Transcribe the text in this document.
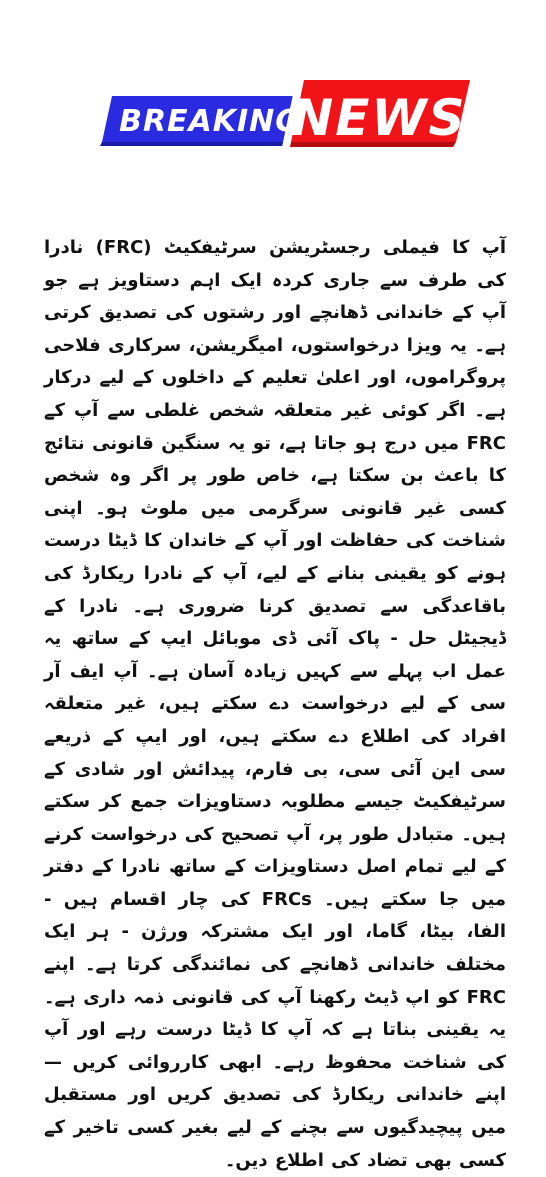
BREAKING
NEWS
آپ کا فیملی رجسٹریشن سرٹیفکیٹ (FRC) نادرا کی طرف سے جاری کردہ ایک اہم دستاویز ہے جو آپ کے خاندانی ڈھانچے اور رشتوں کی تصدیق کرتی ہے۔ یہ ویزا درخواستوں، امیگریشن، سرکاری فلاحی پروگراموں، اور اعلیٰ تعلیم کے داخلوں کے لیے درکار ہے۔ اگر کوئی غیر متعلقہ شخص غلطی سے آپ کے FRC میں درج ہو جاتا ہے، تو یہ سنگین قانونی نتائج کا باعث بن سکتا ہے، خاص طور پر اگر وہ شخص کسی غیر قانونی سرگرمی میں ملوث ہو۔ اپنی شناخت کی حفاظت اور آپ کے خاندان کا ڈیٹا درست ہونے کو یقینی بنانے کے لیے، آپ کے نادرا ریکارڈ کی باقاعدگی سے تصدیق کرنا ضروری ہے۔ نادرا کے ڈیجیٹل حل - پاک آئی ڈی موبائل ایپ کے ساتھ یہ عمل اب پہلے سے کہیں زیادہ آسان ہے۔ آپ ایف آر سی کے لیے درخواست دے سکتے ہیں، غیر متعلقہ افراد کی اطلاع دے سکتے ہیں، اور ایپ کے ذریعے سی این آئی سی، بی فارم، پیدائش اور شادی کے سرٹیفکیٹ جیسے مطلوبہ دستاویزات جمع کر سکتے ہیں۔ متبادل طور پر، آپ تصحیح کی درخواست کرنے کے لیے تمام اصل دستاویزات کے ساتھ نادرا کے دفتر میں جا سکتے ہیں۔ FRCs کی چار اقسام ہیں - الفا، بیٹا، گاما، اور ایک مشترکہ ورژن - ہر ایک مختلف خاندانی ڈھانچے کی نمائندگی کرتا ہے۔ اپنے FRC کو اپ ڈیٹ رکھنا آپ کی قانونی ذمہ داری ہے۔ یہ یقینی بناتا ہے کہ آپ کا ڈیٹا درست رہے اور آپ کی شناخت محفوظ رہے۔ ابھی کارروائی کریں — اپنے خاندانی ریکارڈ کی تصدیق کریں اور مستقبل میں پیچیدگیوں سے بچنے کے لیے بغیر کسی تاخیر کے کسی بھی تضاد کی اطلاع دیں۔
